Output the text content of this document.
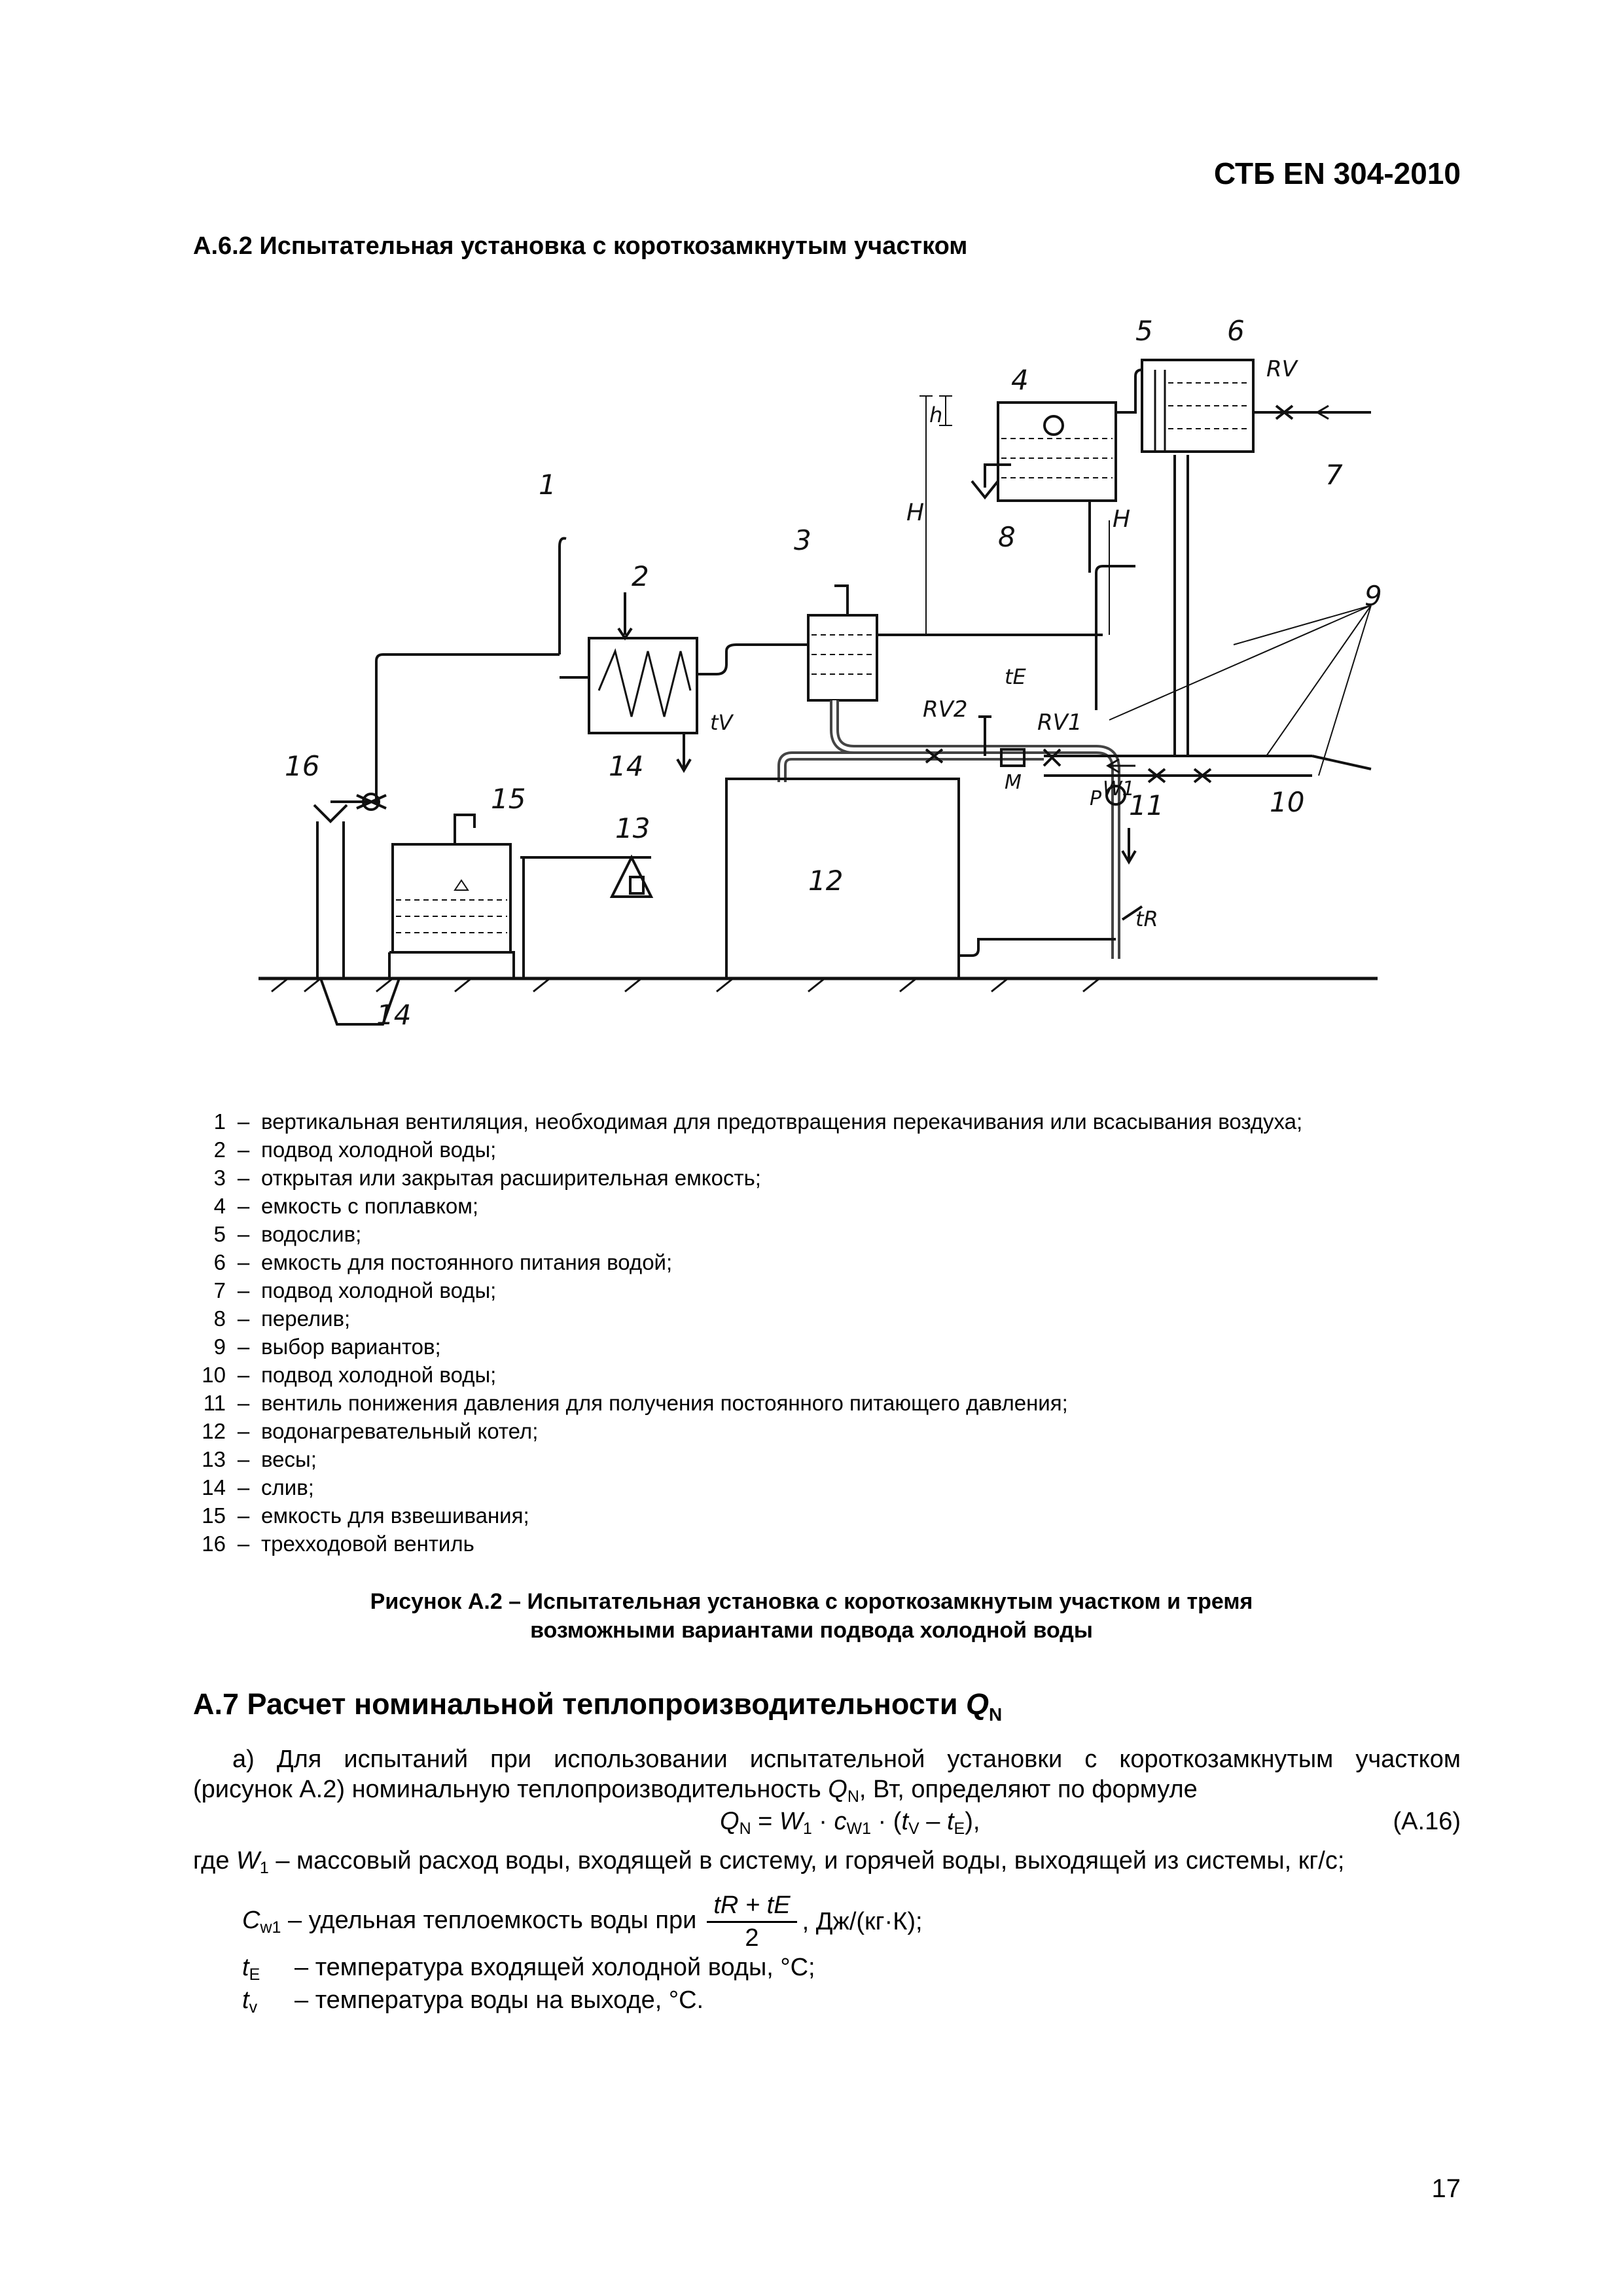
СТБ EN 304-2010
А.6.2 Испытательная установка с короткозамкнутым участком
1
2
3
4
5	6
7
8
9
10
11
12
13
14
14
15
16
h
H	H
RV
RV1
RV2
tE
tV
tR
M
P W1
1 – вертикальная вентиляция, необходимая для предотвращения перекачивания или всасывания воздуха;
2 – подвод холодной воды;
3 – открытая или закрытая расширительная емкость;
4 – емкость с поплавком;
5 – водослив;
6 – емкость для постоянного питания водой;
7 – подвод холодной воды;
8 – перелив;
9 – выбор вариантов;
10 – подвод холодной воды;
11 – вентиль понижения давления для получения постоянного питающего давления;
12 – водонагревательный котел;
13 – весы;
14 – слив;
15 – емкость для взвешивания;
16 – трехходовой вентиль
Рисунок А.2 – Испытательная установка с короткозамкнутым участком и тремя
возможными вариантами подвода холодной воды
А.7 Расчет номинальной теплопроизводительности $Q_N$
а) Для испытаний при использовании испытательной установки с короткозамкнутым участком
(рисунок А.2) номинальную теплопроизводительность $Q_N$, Вт, определяют по формуле
$Q_N = W_1 \cdot c_{W1} \cdot (t_V - t_E)$,	(А.16)
где $W_1$ – массовый расход воды, входящей в систему, и горячей воды, выходящей из системы, кг/с;
$C_{w1}$ – удельная теплоемкость воды при $\frac{tR + tE}{2}$ , Дж/(кг·К);
$t_E$ – температура входящей холодной воды, °С;
$t_v$ – температура воды на выходе, °С.
17
